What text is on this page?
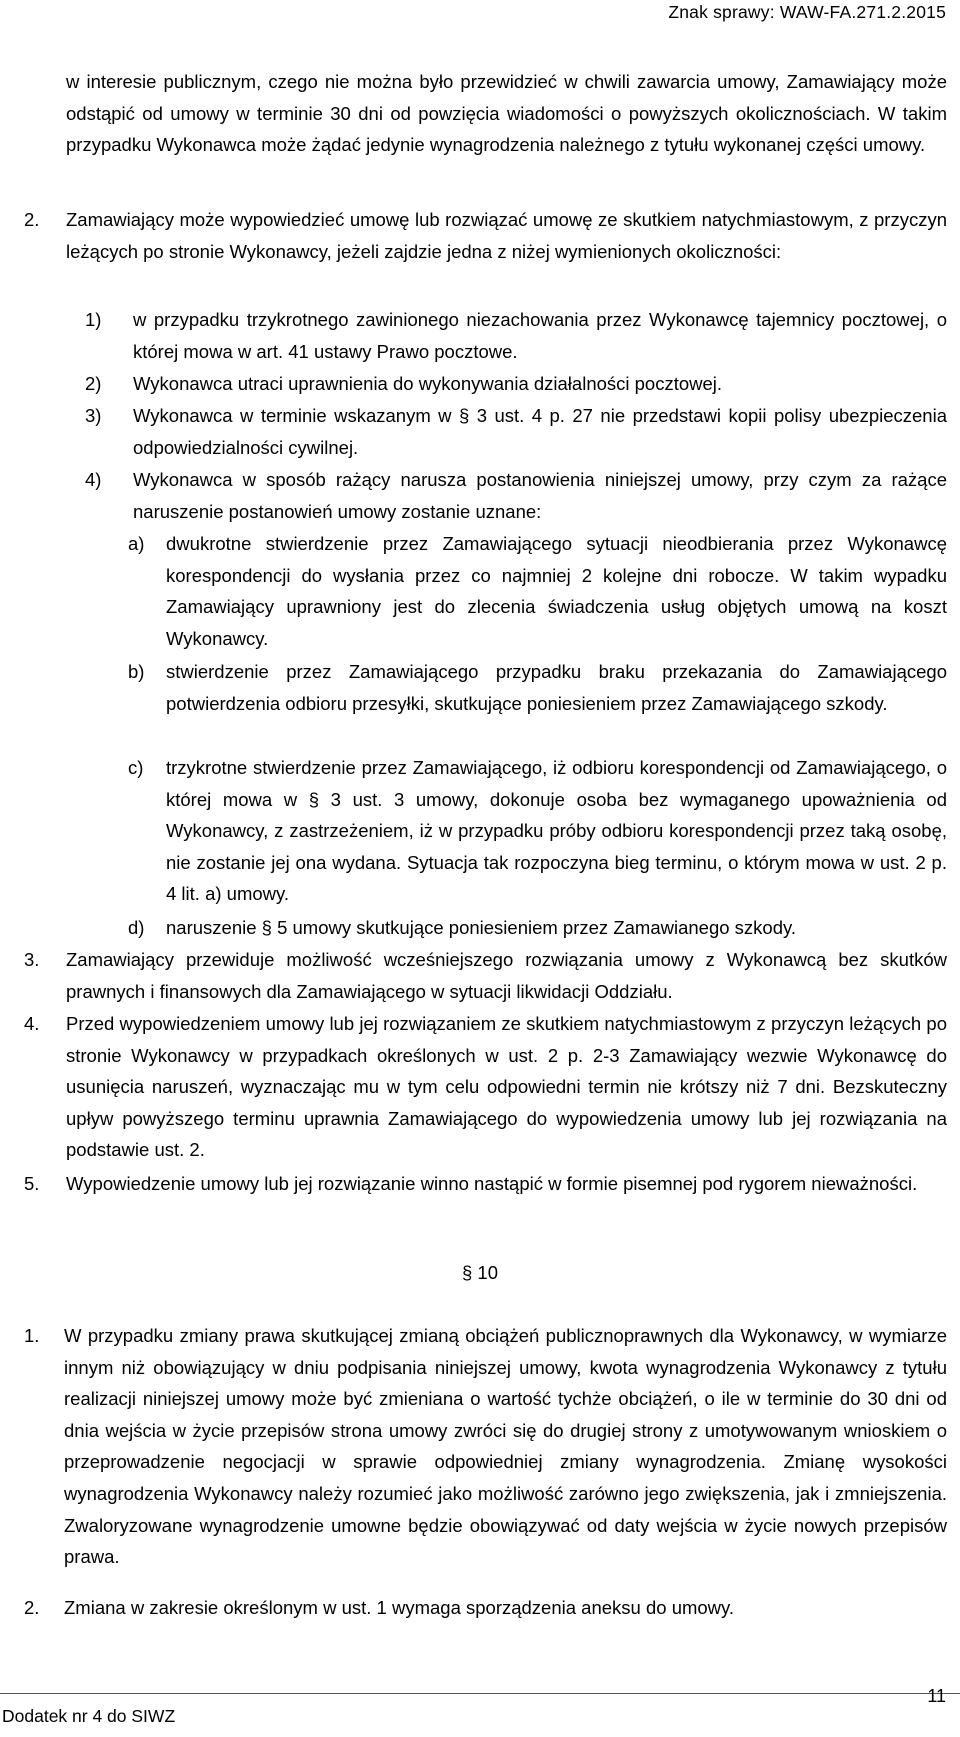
Znak sprawy: WAW-FA.271.2.2015
w interesie publicznym, czego nie można było przewidzieć w chwili zawarcia umowy, Zamawiający może odstąpić od umowy w terminie 30 dni od powzięcia wiadomości o powyższych okolicznościach. W takim przypadku Wykonawca może żądać jedynie wynagrodzenia należnego z tytułu wykonanej części umowy.
2. Zamawiający może wypowiedzieć umowę lub rozwiązać umowę ze skutkiem natychmiastowym, z przyczyn leżących po stronie Wykonawcy, jeżeli zajdzie jedna z niżej wymienionych okoliczności:
1) w przypadku trzykrotnego zawinionego niezachowania przez Wykonawcę tajemnicy pocztowej, o której mowa w art. 41 ustawy Prawo pocztowe.
2) Wykonawca utraci uprawnienia do wykonywania działalności pocztowej.
3) Wykonawca w terminie wskazanym w § 3 ust. 4 p. 27 nie przedstawi kopii polisy ubezpieczenia odpowiedzialności cywilnej.
4) Wykonawca w sposób rażący narusza postanowienia niniejszej umowy, przy czym za rażące naruszenie postanowień umowy zostanie uznane:
a) dwukrotne stwierdzenie przez Zamawiającego sytuacji nieodbierania przez Wykonawcę korespondencji do wysłania przez co najmniej 2 kolejne dni robocze. W takim wypadku Zamawiający uprawniony jest do zlecenia świadczenia usług objętych umową na koszt Wykonawcy.
b) stwierdzenie przez Zamawiającego przypadku braku przekazania do Zamawiającego potwierdzenia odbioru przesyłki, skutkujące poniesieniem przez Zamawiającego szkody.
c) trzykrotne stwierdzenie przez Zamawiającego, iż odbioru korespondencji od Zamawiającego, o której mowa w § 3 ust. 3 umowy, dokonuje osoba bez wymaganego upoważnienia od Wykonawcy, z zastrzeżeniem, iż w przypadku próby odbioru korespondencji przez taką osobę, nie zostanie jej ona wydana. Sytuacja tak rozpoczyna bieg terminu, o którym mowa w ust. 2 p. 4 lit. a) umowy.
d) naruszenie § 5 umowy skutkujące poniesieniem przez Zamawianego szkody.
3. Zamawiający przewiduje możliwość wcześniejszego rozwiązania umowy z Wykonawcą bez skutków prawnych i finansowych dla Zamawiającego w sytuacji likwidacji Oddziału.
4. Przed wypowiedzeniem umowy lub jej rozwiązaniem ze skutkiem natychmiastowym z przyczyn leżących po stronie Wykonawcy w przypadkach określonych w ust. 2 p. 2-3 Zamawiający wezwie Wykonawcę do usunięcia naruszeń, wyznaczając mu w tym celu odpowiedni termin nie krótszy niż 7 dni. Bezskuteczny upływ powyższego terminu uprawnia Zamawiającego do wypowiedzenia umowy lub jej rozwiązania na podstawie ust. 2.
5. Wypowiedzenie umowy lub jej rozwiązanie winno nastąpić w formie pisemnej pod rygorem nieważności.
§ 10
1. W przypadku zmiany prawa skutkującej zmianą obciążeń publicznoprawnych dla Wykonawcy, w wymiarze innym niż obowiązujący w dniu podpisania niniejszej umowy, kwota wynagrodzenia Wykonawcy z tytułu realizacji niniejszej umowy może być zmieniana o wartość tychże obciążeń, o ile w terminie do 30 dni od dnia wejścia w życie przepisów strona umowy zwróci się do drugiej strony z umotywowanym wnioskiem o przeprowadzenie negocjacji w sprawie odpowiedniej zmiany wynagrodzenia. Zmianę wysokości wynagrodzenia Wykonawcy należy rozumieć jako możliwość zarówno jego zwiększenia, jak i zmniejszenia. Zwaloryzowane wynagrodzenie umowne będzie obowiązywać od daty wejścia w życie nowych przepisów prawa.
2. Zmiana w zakresie określonym w ust. 1 wymaga sporządzenia aneksu do umowy.
11
Dodatek nr 4 do SIWZ
